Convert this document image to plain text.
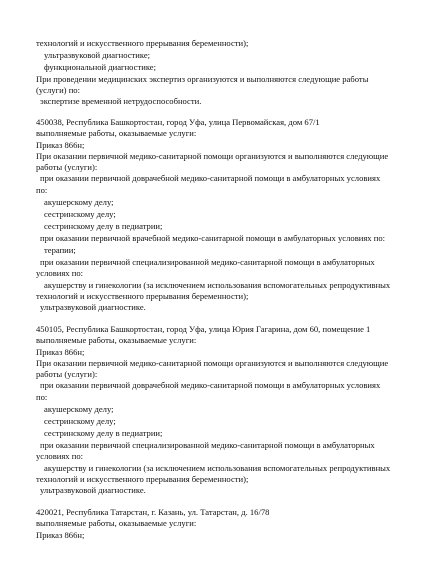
технологий и искусственного прерывания беременности);
ультразвуковой диагностике;
функциональной диагностике;
При проведении медицинских экспертиз организуются и выполняются следующие работы
(услуги) по:
экспертизе временной нетрудоспособности.
450038, Республика Башкортостан, город Уфа, улица Первомайская, дом 67/1
выполняемые работы, оказываемые услуги:
Приказ 866н;
При оказании первичной медико-санитарной помощи организуются и выполняются следующие
работы (услуги):
при оказании первичной доврачебной медико-санитарной помощи в амбулаторных условиях
по:
акушерскому делу;
сестринскому делу;
сестринскому делу в педиатрии;
при оказании первичной врачебной медико-санитарной помощи в амбулаторных условиях по:
терапии;
при оказании первичной специализированной медико-санитарной помощи в амбулаторных
условиях по:
акушерству и гинекологии (за исключением использования вспомогательных репродуктивных
технологий и искусственного прерывания беременности);
ультразвуковой диагностике.
450105, Республика Башкортостан, город Уфа, улица Юрия Гагарина, дом 60, помещение 1
выполняемые работы, оказываемые услуги:
Приказ 866н;
При оказании первичной медико-санитарной помощи организуются и выполняются следующие
работы (услуги):
при оказании первичной доврачебной медико-санитарной помощи в амбулаторных условиях
по:
акушерскому делу;
сестринскому делу;
сестринскому делу в педиатрии;
при оказании первичной специализированной медико-санитарной помощи в амбулаторных
условиях по:
акушерству и гинекологии (за исключением использования вспомогательных репродуктивных
технологий и искусственного прерывания беременности);
ультразвуковой диагностике.
420021, Республика Татарстан, г. Казань, ул. Татарстан, д. 16/78
выполняемые работы, оказываемые услуги:
Приказ 866н;
